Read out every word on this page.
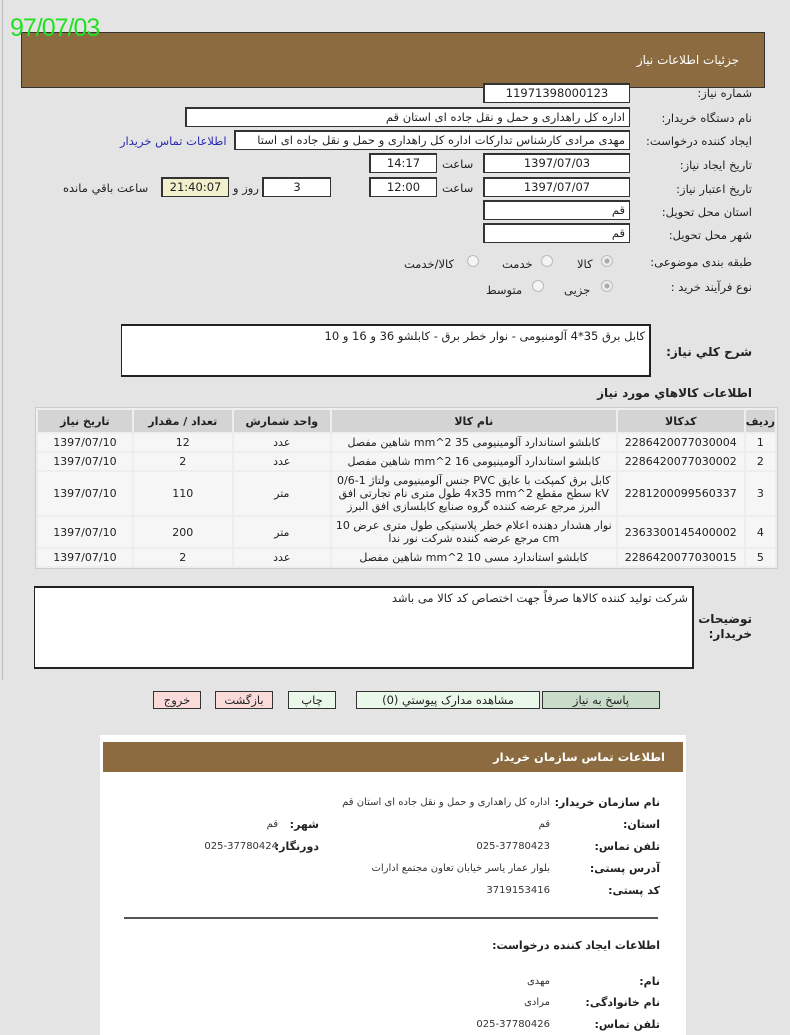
جزئيات اطلاعات نياز
97/07/03
شماره نیاز:
11971398000123
نام دستگاه خریدار:
اداره کل راهداری و حمل و نقل جاده ای استان قم
ایجاد کننده درخواست:
مهدی مرادی کارشناس تدارکات اداره کل راهداری و حمل و نقل جاده ای استا
اطلاعات تماس خریدار
تاریخ ایجاد نیاز:
1397/07/03
ساعت
14:17
تاریخ اعتبار نیاز:
1397/07/07
ساعت
12:00
3
روز و
21:40:07
ساعت باقي مانده
استان محل تحویل:
قم
شهر محل تحویل:
قم
طبقه بندی موضوعی:
کالا
خدمت
کالا/خدمت
نوع فرآیند خرید :
جزیی
متوسط
کابل برق 35*4 آلومنیومی - نوار خطر برق - کابلشو 36 و 16 و 10
شرح كلي نياز:
اطلاعات كالاهاي مورد نياز
ردیف	کدکالا	نام کالا	واحد شمارش	تعداد / مقدار	تاریخ نیاز
1	2286420077030004	کابلشو استاندارد آلومینیومی 35 mm^2 شاهین مفصل	عدد	12	1397/07/10
2	2286420077030002	کابلشو استاندارد آلومینیومی 16 mm^2 شاهین مفصل	عدد	2	1397/07/10
3	2281200099560337	کابل برق کمپکت با عایق PVC جنس آلومینیومی ولتاژ 1-0/6 kV سطح مقطع 4x35 mm^2 طول متری نام تجارتی افق البرز مرجع عرضه کننده گروه صنایع کابلسازی افق البرز	متر	110	1397/07/10
4	2363300145400002	نوار هشدار دهنده اعلام خطر پلاستیکی طول متری عرض 10 cm مرجع عرضه کننده شرکت نور ندا	متر	200	1397/07/10
5	2286420077030015	کابلشو استاندارد مسی 10 mm^2 شاهین مفصل	عدد	2	1397/07/10
شرکت تولید کننده کالاها صرفاً جهت اختصاص کد کالا می باشد
توضیحات خریدار:
پاسخ به نیاز
مشاهده مدارک پیوستي (0)
چاپ
بازگشت
خروج
اطلاعات تماس سازمان خریدار
نام سازمان خریدار:
اداره کل راهداری و حمل و نقل جاده ای استان قم
استان:
قم
شهر:
قم
تلفن تماس:
025-37780423
دورنگار:
025-37780424
آدرس پستی:
بلوار عمار یاسر خیابان تعاون مجتمع ادارات
کد پستی:
3719153416
اطلاعات ایجاد کننده درخواست:
نام:
مهدی
نام خانوادگی:
مرادی
تلفن تماس:
025-37780426
